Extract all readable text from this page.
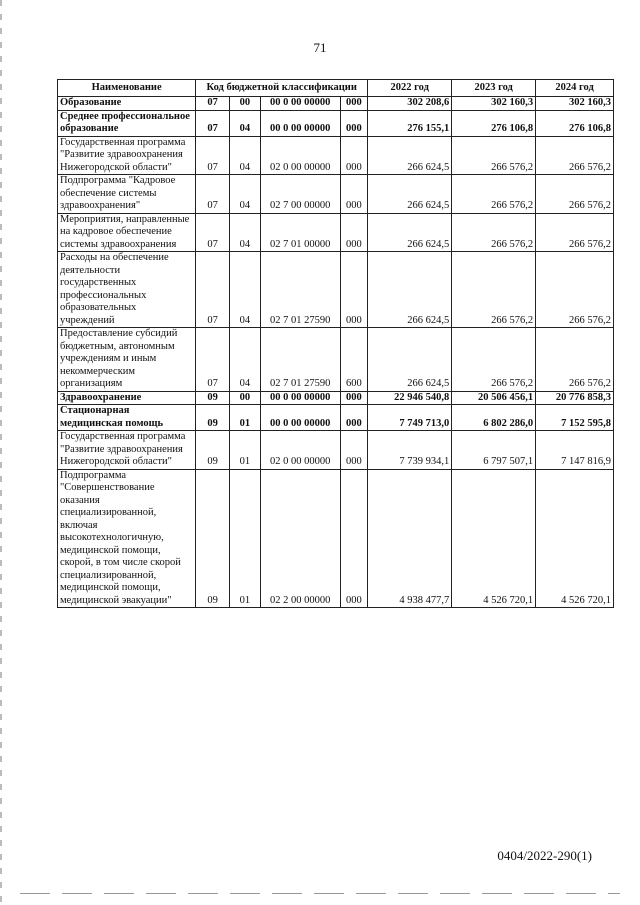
71
Наименование	Код бюджетной классификации				2022 год	2023 год	2024 год
Образование	07	00	00 0 00 00000	000	302 208,6	302 160,3	302 160,3
Среднее профессиональное образование	07	04	00 0 00 00000	000	276 155,1	276 106,8	276 106,8
Государственная программа "Развитие здравоохранения Нижегородской области"	07	04	02 0 00 00000	000	266 624,5	266 576,2	266 576,2
Подпрограмма "Кадровое обеспечение системы здравоохранения"	07	04	02 7 00 00000	000	266 624,5	266 576,2	266 576,2
Мероприятия, направленные на кадровое обеспечение системы здравоохранения	07	04	02 7 01 00000	000	266 624,5	266 576,2	266 576,2
Расходы на обеспечение деятельности государственных профессиональных образовательных учреждений	07	04	02 7 01 27590	000	266 624,5	266 576,2	266 576,2
Предоставление субсидий бюджетным, автономным учреждениям и иным некоммерческим организациям	07	04	02 7 01 27590	600	266 624,5	266 576,2	266 576,2
Здравоохранение	09	00	00 0 00 00000	000	22 946 540,8	20 506 456,1	20 776 858,3
Стационарная медицинская помощь	09	01	00 0 00 00000	000	7 749 713,0	6 802 286,0	7 152 595,8
Государственная программа "Развитие здравоохранения Нижегородской области"	09	01	02 0 00 00000	000	7 739 934,1	6 797 507,1	7 147 816,9
Подпрограмма "Совершенствование оказания специализированной, включая высокотехнологичную, медицинской помощи, скорой, в том числе скорой специализированной, медицинской помощи, медицинской эвакуации"	09	01	02 2 00 00000	000	4 938 477,7	4 526 720,1	4 526 720,1
0404/2022-290(1)
